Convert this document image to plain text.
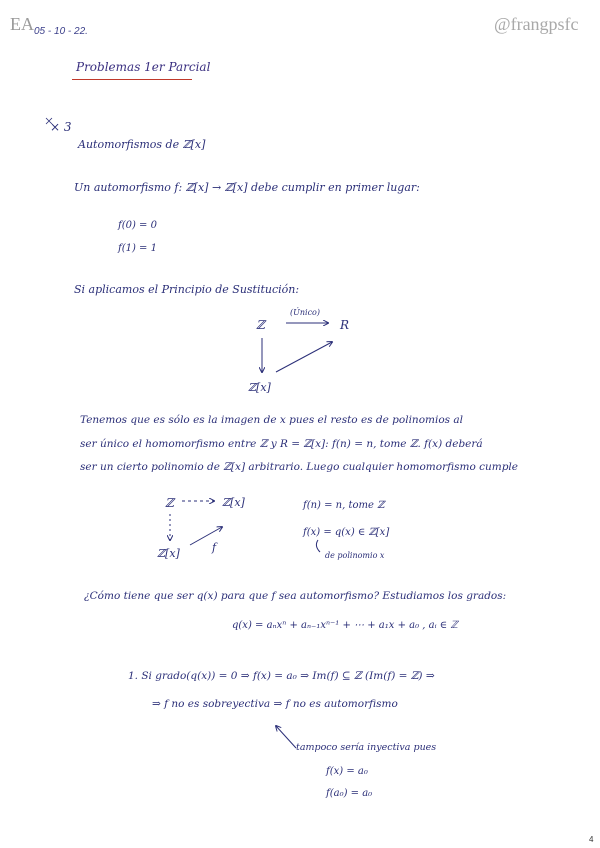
EA 05 - 10 - 22.	@frangpsfc
Problemas 1er Parcial
× 3
Automorfismos de ℤ[x]
Un automorfismo f: ℤ[x] → ℤ[x] debe cumplir en primer lugar:
f(0) = 0
f(1) = 1
Si aplicamos el Principio de Sustitución:
ℤ
(Único)
R
ℤ[x]
Tenemos que es sólo es la imagen de x pues el resto es de polinomios al
ser único el homomorfismo entre ℤ y R = ℤ[x]: f(n) = n, tome ℤ. f(x) deberá
ser un cierto polinomio de ℤ[x] arbitrario. Luego cualquier homomorfismo cumple
ℤ	ℤ[x]
ℤ[x]	f
f(n) = n, tome ℤ
f(x) = q(x) ∈ ℤ[x]
de polinomio x
¿Cómo tiene que ser q(x) para que f sea automorfismo? Estudiamos los grados:
q(x) = aₙxⁿ + aₙ₋₁xⁿ⁻¹ + ⋯ + a₁x + a₀ , aᵢ ∈ ℤ
1. Si grado(q(x)) = 0 ⇒ f(x) = a₀ ⇒ Im(f) ⊆ ℤ (Im(f) = ℤ) ⇒
⇒ f no es sobreyectiva ⇒ f no es automorfismo
tampoco sería inyectiva pues
f(x) = a₀
f(a₀) = a₀
4
